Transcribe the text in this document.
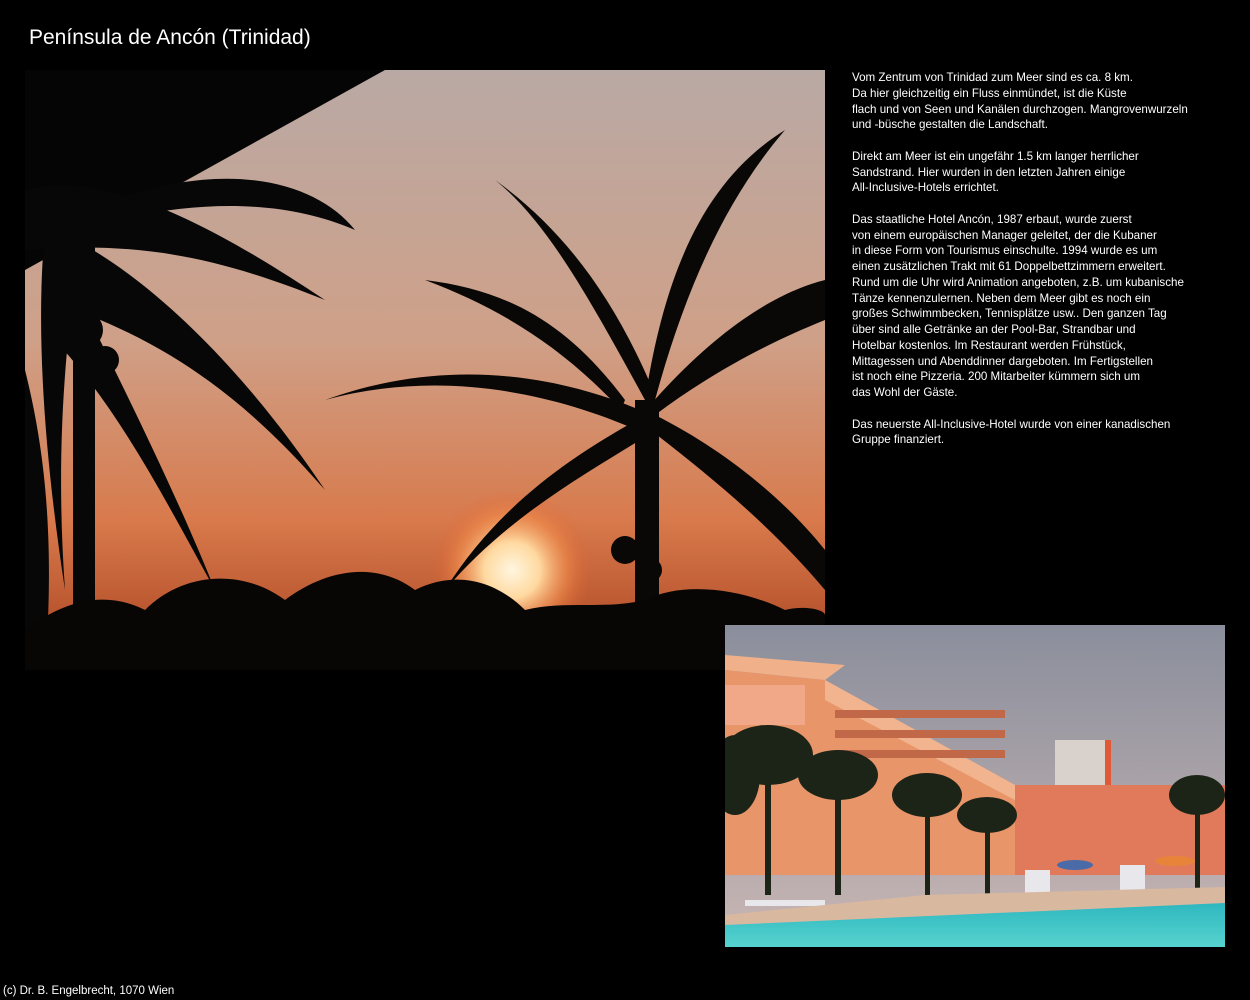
Península de Ancón (Trinidad)
Vom Zentrum von Trinidad zum Meer sind es ca. 8 km.
Da hier gleichzeitig ein Fluss einmündet, ist die Küste
flach und von Seen und Kanälen durchzogen. Mangrovenwurzeln
und -büsche gestalten die Landschaft.
Direkt am Meer ist ein ungefähr 1.5 km langer herrlicher
Sandstrand. Hier wurden in den letzten Jahren einige
All-Inclusive-Hotels errichtet.
Das staatliche Hotel Ancón, 1987 erbaut, wurde zuerst
von einem europäischen Manager geleitet, der die Kubaner
in diese Form von Tourismus einschulte. 1994 wurde es um
einen zusätzlichen Trakt mit 61 Doppelbettzimmern erweitert.
Rund um die Uhr wird Animation angeboten, z.B. um kubanische
Tänze kennenzulernen. Neben dem Meer gibt es noch ein
großes Schwimmbecken, Tennisplätze usw.. Den ganzen Tag
über sind alle Getränke an der Pool-Bar, Strandbar und
Hotelbar kostenlos. Im Restaurant werden Frühstück,
Mittagessen und Abenddinner dargeboten. Im Fertigstellen
ist noch eine Pizzeria. 200 Mitarbeiter kümmern sich um
das Wohl der Gäste.
Das neuerste All-Inclusive-Hotel wurde von einer kanadischen
Gruppe finanziert.
(c) Dr. B. Engelbrecht, 1070 Wien
